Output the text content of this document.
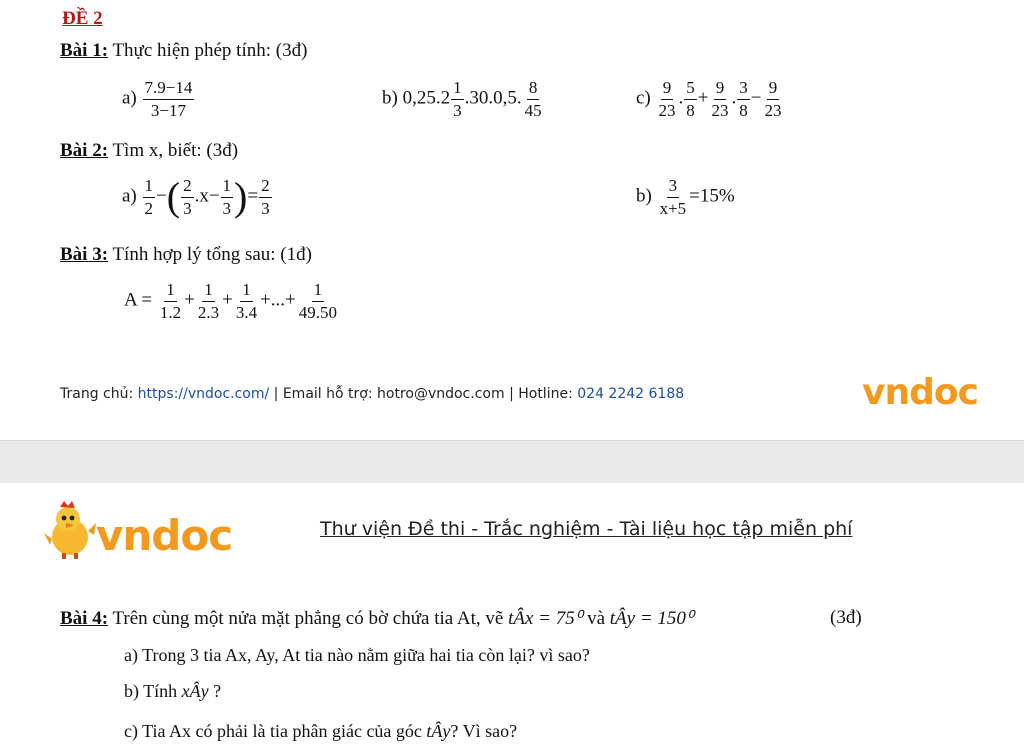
ĐỀ 2
Bài 1: Thực hiện phép tính: (3đ)
$a) \frac{7.9-14}{3-17}$	b) $0,25.2 \frac{1}{3} .30.0,5$. $\frac{8}{45}$	$c) \frac{9}{23}$ . $\frac{5}{8} + \frac{9}{23}$ . $\frac{3}{8} - \frac{9}{23}$
Bài 2: Tìm x, biết: (3đ)
$a) \frac{1}{2}$ −( $\frac{2}{3} .x- \frac{1}{3}$ )= $\frac{2}{3}$	$b) \frac{3}{x+5} =15\%$
Bài 3: Tính hợp lý tổng sau: (1đ)
$A = \frac{1}{1.2} + \frac{1}{2.3} + \frac{1}{3.4}$ +...+ $\frac{1}{49.50}$
Trang chủ: https://vndoc.com/ | Email hỗ trợ: hotro@vndoc.com | Hotline: 024 2242 6188	vndoc
vndoc	Thư viện Đề thi - Trắc nghiệm - Tài liệu học tập miễn phí
Bài 4: Trên cùng một nửa mặt phẳng có bờ chứa tia At, vẽ tÂx = 75⁰ và tÂy = 150⁰	(3đ)
a) Trong 3 tia Ax, Ay, At tia nào nằm giữa hai tia còn lại? vì sao?
b) Tính xÂy ?
c) Tia Ax có phải là tia phân giác của góc tÂy? Vì sao?
